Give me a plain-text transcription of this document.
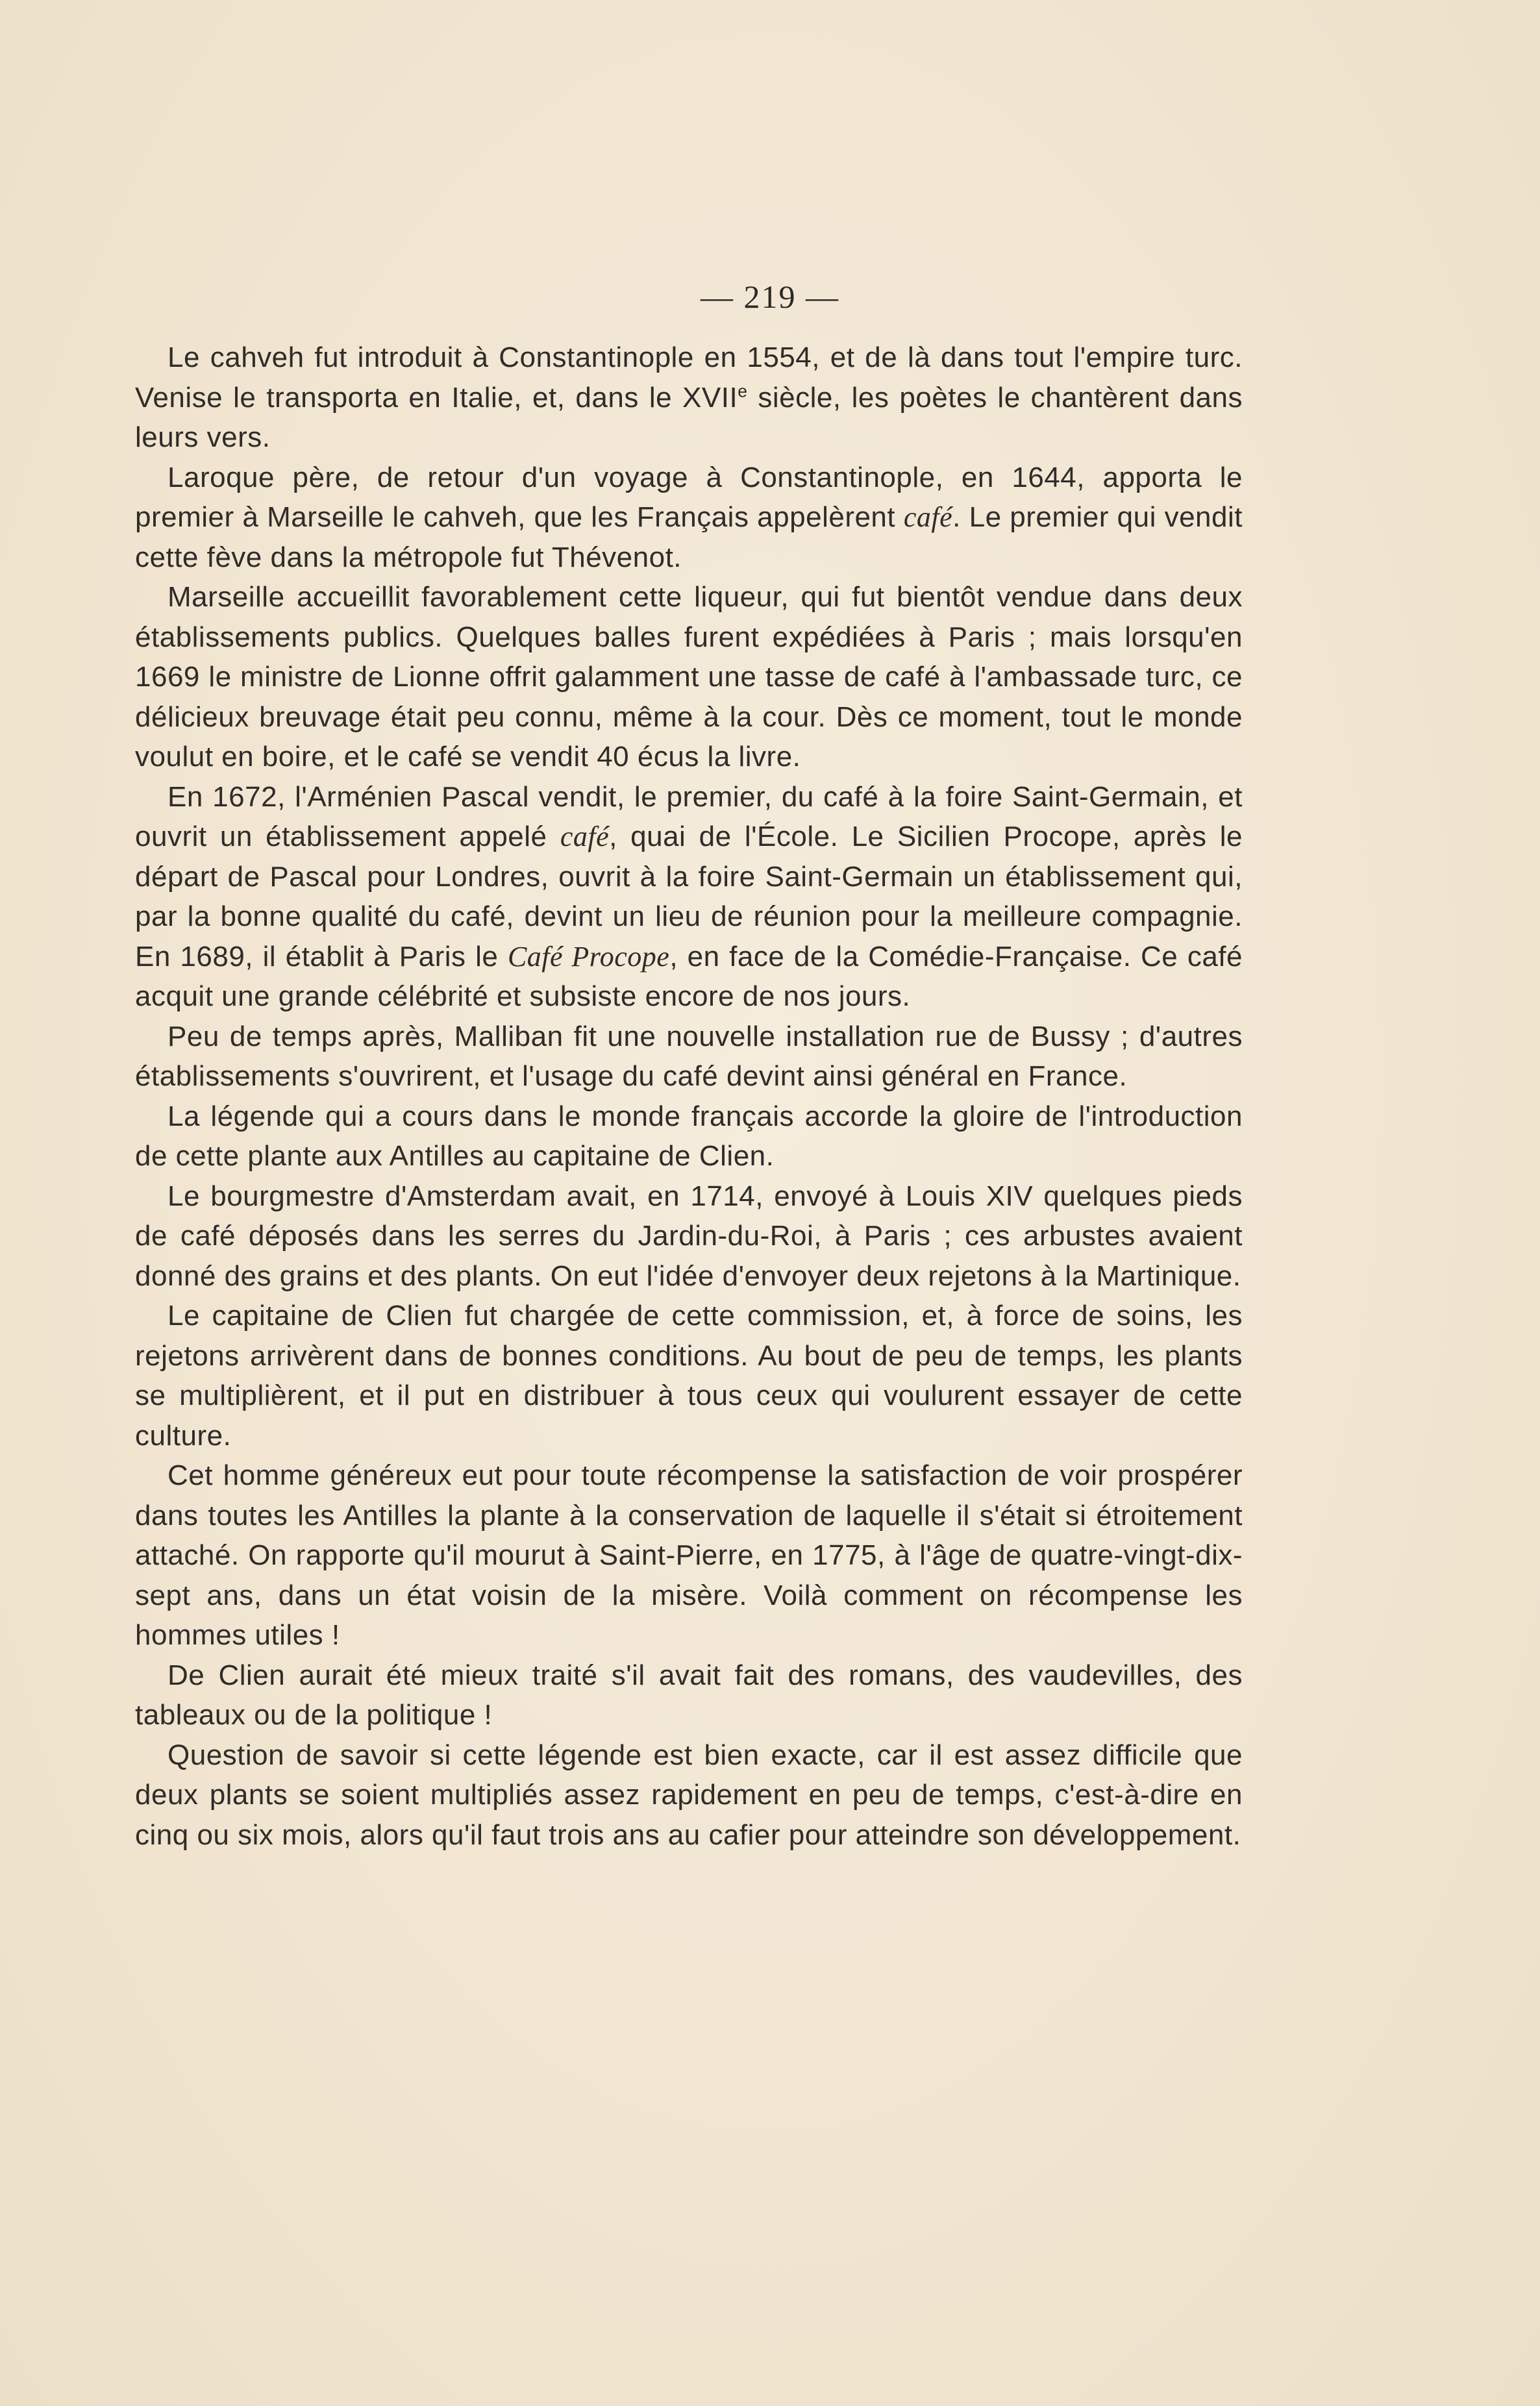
— 219 —

Le cahveh fut introduit à Constantinople en 1554, et de là dans tout l'empire turc. Venise le transporta en Italie, et, dans le XVIIe siècle, les poètes le chantèrent dans leurs vers.

Laroque père, de retour d'un voyage à Constantinople, en 1644, apporta le premier à Marseille le cahveh, que les Français appelèrent café. Le premier qui vendit cette fève dans la métropole fut Thévenot.

Marseille accueillit favorablement cette liqueur, qui fut bientôt vendue dans deux établissements publics. Quelques balles furent expédiées à Paris ; mais lorsqu'en 1669 le ministre de Lionne offrit galamment une tasse de café à l'ambassade turc, ce délicieux breuvage était peu connu, même à la cour. Dès ce moment, tout le monde voulut en boire, et le café se vendit 40 écus la livre.

En 1672, l'Arménien Pascal vendit, le premier, du café à la foire Saint-Germain, et ouvrit un établissement appelé café, quai de l'École. Le Sicilien Procope, après le départ de Pascal pour Londres, ouvrit à la foire Saint-Germain un établissement qui, par la bonne qualité du café, devint un lieu de réunion pour la meilleure compagnie. En 1689, il établit à Paris le Café Procope, en face de la Comédie-Française. Ce café acquit une grande célébrité et subsiste encore de nos jours.

Peu de temps après, Malliban fit une nouvelle installation rue de Bussy ; d'autres établissements s'ouvrirent, et l'usage du café devint ainsi général en France.

La légende qui a cours dans le monde français accorde la gloire de l'introduction de cette plante aux Antilles au capitaine de Clien.

Le bourgmestre d'Amsterdam avait, en 1714, envoyé à Louis XIV quelques pieds de café déposés dans les serres du Jardin-du-Roi, à Paris ; ces arbustes avaient donné des grains et des plants. On eut l'idée d'envoyer deux rejetons à la Martinique.

Le capitaine de Clien fut chargée de cette commission, et, à force de soins, les rejetons arrivèrent dans de bonnes conditions. Au bout de peu de temps, les plants se multiplièrent, et il put en distribuer à tous ceux qui voulurent essayer de cette culture.

Cet homme généreux eut pour toute récompense la satisfaction de voir prospérer dans toutes les Antilles la plante à la conservation de laquelle il s'était si étroitement attaché. On rapporte qu'il mourut à Saint-Pierre, en 1775, à l'âge de quatre-vingt-dix-sept ans, dans un état voisin de la misère. Voilà comment on récompense les hommes utiles !

De Clien aurait été mieux traité s'il avait fait des romans, des vaudevilles, des tableaux ou de la politique !

Question de savoir si cette légende est bien exacte, car il est assez difficile que deux plants se soient multipliés assez rapidement en peu de temps, c'est-à-dire en cinq ou six mois, alors qu'il faut trois ans au cafier pour atteindre son développement.
